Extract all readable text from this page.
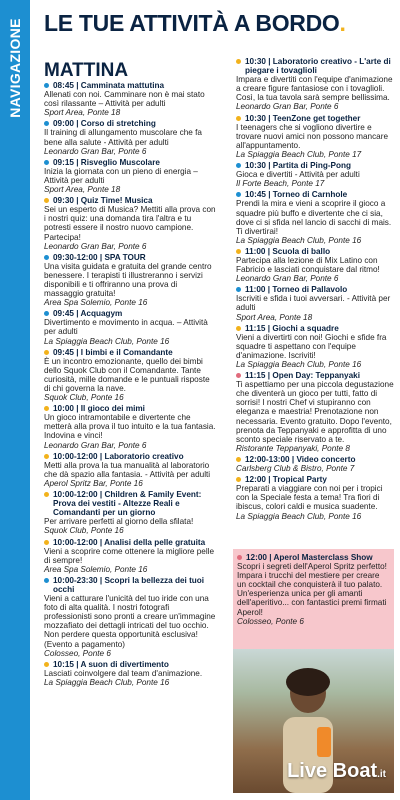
NAVIGAZIONE LE TUE ATTIVITÀ A BORDO.
MATTINA
08:45 | Camminata mattutina
Allenati con noi. Camminare non è mai stato così rilassante – Attività per adulti
Sport Area, Ponte 18
09:00 | Corso di stretching
Il training di allungamento muscolare che fa bene alla salute - Attività per adulti
Leonardo Gran Bar, Ponte 6
09:15 | Risveglio Muscolare
Inizia la giornata con un pieno di energia – Attività per adulti
Sport Area, Ponte 18
09:30 | Quiz Time! Musica
Sei un esperto di Musica? Mettiti alla prova con i nostri quiz: una domanda tira l'altra e tu potresti essere il nostro nuovo campione. Partecipa!
Leonardo Gran Bar, Ponte 6
09:30-12:00 | SPA TOUR
Una visita guidata e gratuita del grande centro benessere. I terapisti ti illustreranno i servizi disponibili e ti offriranno una prova di massaggio gratuita!
Area Spa Solemio, Ponte 16
09:45 | Acquagym
Divertimento e movimento in acqua. – Attività per adulti
La Spiaggia Beach Club, Ponte 16
09:45 | I bimbi e il Comandante
È un incontro emozionante, quello dei bimbi dello Squok Club con il Comandante. Tante curiosità, mille domande e le puntuali risposte di chi governa la nave.
Squok Club, Ponte 16
10:00 | Il gioco dei mimi
Un gioco intramontabile e divertente che metterà alla prova il tuo intuito e la tua fantasia. Indovina e vinci!
Leonardo Gran Bar, Ponte 6
10:00-12:00 | Laboratorio creativo
Metti alla prova la tua manualità al laboratorio che dà spazio alla fantasia. - Attività per adulti
Aperol Spritz Bar, Ponte 16
10:00-12:00 | Children & Family Event: Prova dei vestiti - Altezze Reali e Comandanti per un giorno
Per arrivare perfetti al giorno della sfilata!
Squok Club, Ponte 16
10:00-12:00 | Analisi della pelle gratuita
Vieni a scoprire come ottenere la migliore pelle di sempre!
Area Spa Solemio, Ponte 16
10:00-23:30 | Scopri la bellezza dei tuoi occhi
Vieni a catturare l'unicità del tuo iride con una foto di alta qualità. I nostri fotografi professionisti sono pronti a creare un'immagine mozzafiato dei dettagli intricati del tuo occhio. Non perdere questa opportunità esclusiva! (Evento a pagamento)
Colosseo, Ponte 6
10:15 | A suon di divertimento
Lasciati coinvolgere dal team d'animazione.
La Spiaggia Beach Club, Ponte 16
10:30 | Laboratorio creativo - L'arte di piegare i tovaglioli
Impara e divertiti con l'equipe d'animazione a creare figure fantasiose con i tovaglioli. Così, la tua tavola sarà sempre bellissima.
Leonardo Gran Bar, Ponte 6
10:30 | TeenZone get together
I teenagers che si vogliono divertire e trovare nuovi amici non possono mancare all'appuntamento.
La Spiaggia Beach Club, Ponte 17
10:30 | Partita di Ping-Pong
Gioca e divertiti - Attività per adulti
Il Forte Beach, Ponte 17
10:45 | Torneo di Carnhole
Prendi la mira e vieni a scoprire il gioco a squadre più buffo e divertente che ci sia, dove ci si sfida nel lancio di sacchi di mais. Ti divertirai!
La Spiaggia Beach Club, Ponte 16
11:00 | Scuola di ballo
Partecipa alla lezione di Mix Latino con Fabricio e lasciati conquistare dal ritmo!
Leonardo Gran Bar, Ponte 6
11:00 | Torneo di Pallavolo
Iscriviti e sfida i tuoi avversari. - Attività per adulti
Sport Area, Ponte 18
11:15 | Giochi a squadre
Vieni a divertirti con noi! Giochi e sfide fra squadre ti aspettano con l'equipe d'animazione. Iscriviti!
La Spiaggia Beach Club, Ponte 16
11:15 | Open Day: Teppanyaki
Ti aspettiamo per una piccola degustazione che diventerà un gioco per tutti, fatto di sorrisi! I nostri Chef vi stupiranno con eleganza e maestria! Prenotazione non necessaria. Evento gratuito. Dopo l'evento, prenota da Teppanyaki e approfitta di uno sconto speciale riservato a te.
Ristorante Teppanyaki, Ponte 8
12:00-13:00 | Video concerto
Carlsberg Club & Bistro, Ponte 7
12:00 | Tropical Party
Preparati a viaggiare con noi per i tropici con la Speciale festa a tema! Tra fiori di ibiscus, colori caldi e musica suadente.
La Spiaggia Beach Club, Ponte 16
12:00 | Aperol Masterclass Show
Scopri i segreti dell'Aperol Spritz perfetto! Impara i trucchi del mestiere per creare un cocktail che conquisterà il tuo palato. Un'esperienza unica per gli amanti dell'aperitivo... con fantastici premi firmati Aperol!
Colosseo, Ponte 6
Live Boat.it
